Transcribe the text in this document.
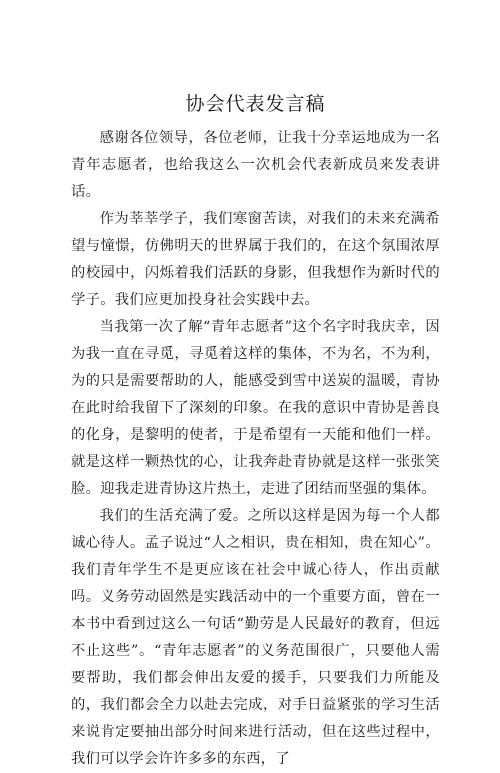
协会代表发言稿

感谢各位领导，各位老师，让我十分幸运地成为一名青年志愿者，也给我这么一次机会代表新成员来发表讲话。

作为莘莘学子，我们寒窗苦读，对我们的未来充满希望与憧憬，仿佛明天的世界属于我们的，在这个氛围浓厚的校园中，闪烁着我们活跃的身影，但我想作为新时代的学子。我们应更加投身社会实践中去。

当我第一次了解“青年志愿者”这个名字时我庆幸，因为我一直在寻觅，寻觅着这样的集体，不为名，不为利，为的只是需要帮助的人，能感受到雪中送炭的温暖，青协在此时给我留下了深刻的印象。在我的意识中青协是善良的化身，是黎明的使者，于是希望有一天能和他们一样。就是这样一颗热忱的心，让我奔赴青协就是这样一张张笑脸。迎我走进青协这片热土，走进了团结而坚强的集体。

我们的生活充满了爱。之所以这样是因为每一个人都诚心待人。孟子说过“人之相识，贵在相知，贵在知心”。我们青年学生不是更应该在社会中诚心待人，作出贡献吗。义务劳动固然是实践活动中的一个重要方面，曾在一本书中看到过这么一句话“勤劳是人民最好的教育，但远不止这些”。“青年志愿者”的义务范围很广，只要他人需要帮助，我们都会伸出友爱的援手，只要我们力所能及的，我们都会全力以赴去完成，对手日益紧张的学习生活来说肯定要抽出部分时间来进行活动，但在这些过程中，我们可以学会许许多多的东西，了
